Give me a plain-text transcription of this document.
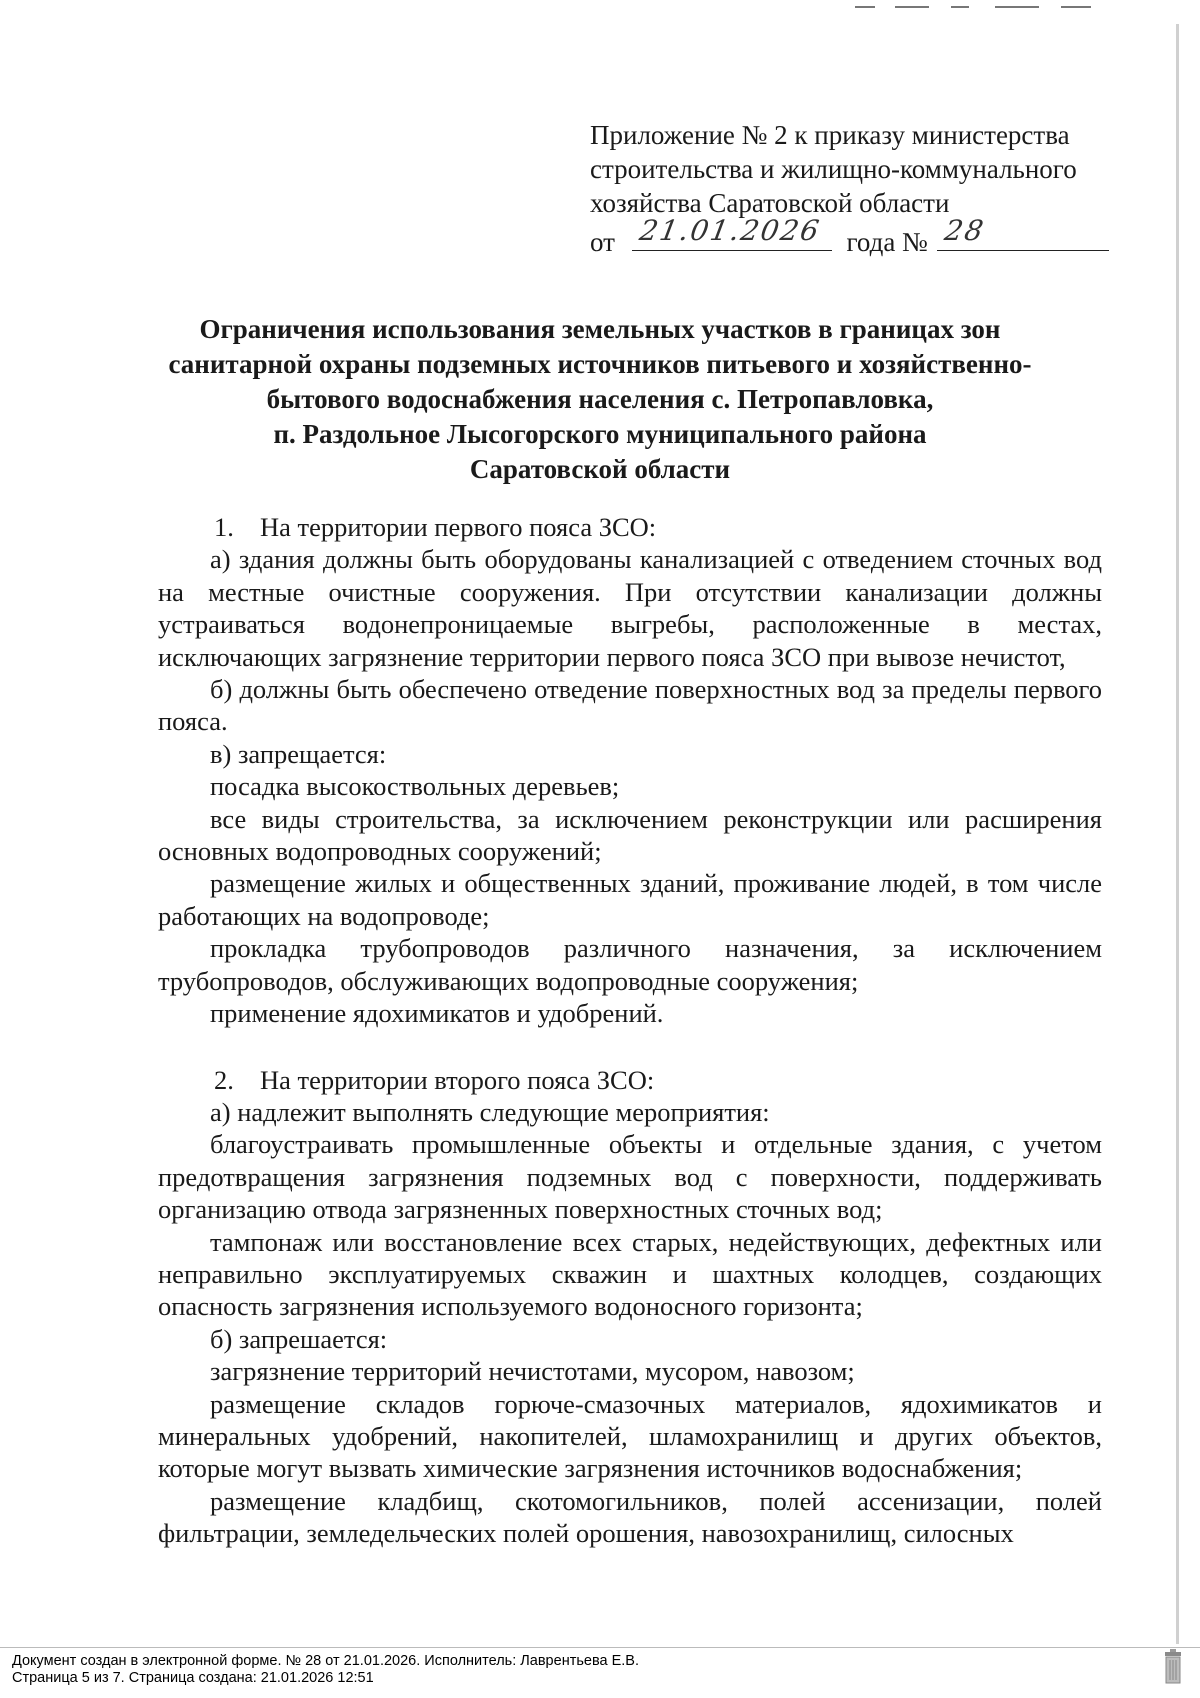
Приложение № 2 к приказу министерства
строительства и жилищно-коммунального
хозяйства Саратовской области
от 21.01.2026 года № 28
Ограничения использования земельных участков в границах зон
санитарной охраны подземных источников питьевого и хозяйственно-
бытового водоснабжения населения с. Петропавловка,
п. Раздольное Лысогорского муниципального района
Саратовской области

1. На территории первого пояса ЗСО:

а) здания должны быть оборудованы канализацией с отведением сточных вод на местные очистные сооружения. При отсутствии канализации должны устраиваться водонепроницаемые выгребы, расположенные в местах, исключающих загрязнение территории первого пояса ЗСО при вывозе нечистот,

б) должны быть обеспечено отведение поверхностных вод за пределы первого пояса.

в) запрещается:

посадка высокоствольных деревьев;

все виды строительства, за исключением реконструкции или расширения основных водопроводных сооружений;

размещение жилых и общественных зданий, проживание людей, в том числе работающих на водопроводе;

прокладка трубопроводов различного назначения, за исключением трубопроводов, обслуживающих водопроводные сооружения;

применение ядохимикатов и удобрений.

2. На территории второго пояса ЗСО:

а) надлежит выполнять следующие мероприятия:

благоустраивать промышленные объекты и отдельные здания, с учетом предотвращения загрязнения подземных вод с поверхности, поддерживать организацию отвода загрязненных поверхностных сточных вод;

тампонаж или восстановление всех старых, недействующих, дефектных или неправильно эксплуатируемых скважин и шахтных колодцев, создающих опасность загрязнения используемого водоносного горизонта;

б) запрешается:

загрязнение территорий нечистотами, мусором, навозом;

размещение складов горюче-смазочных материалов, ядохимикатов и минеральных удобрений, накопителей, шламохранилищ и других объектов, которые могут вызвать химические загрязнения источников водоснабжения;

размещение кладбищ, скотомогильников, полей ассенизации, полей фильтрации, земледельческих полей орошения, навозохранилищ, силосных

Документ создан в электронной форме. № 28 от 21.01.2026. Исполнитель: Лаврентьева Е.В.
Страница 5 из 7. Страница создана: 21.01.2026 12:51
